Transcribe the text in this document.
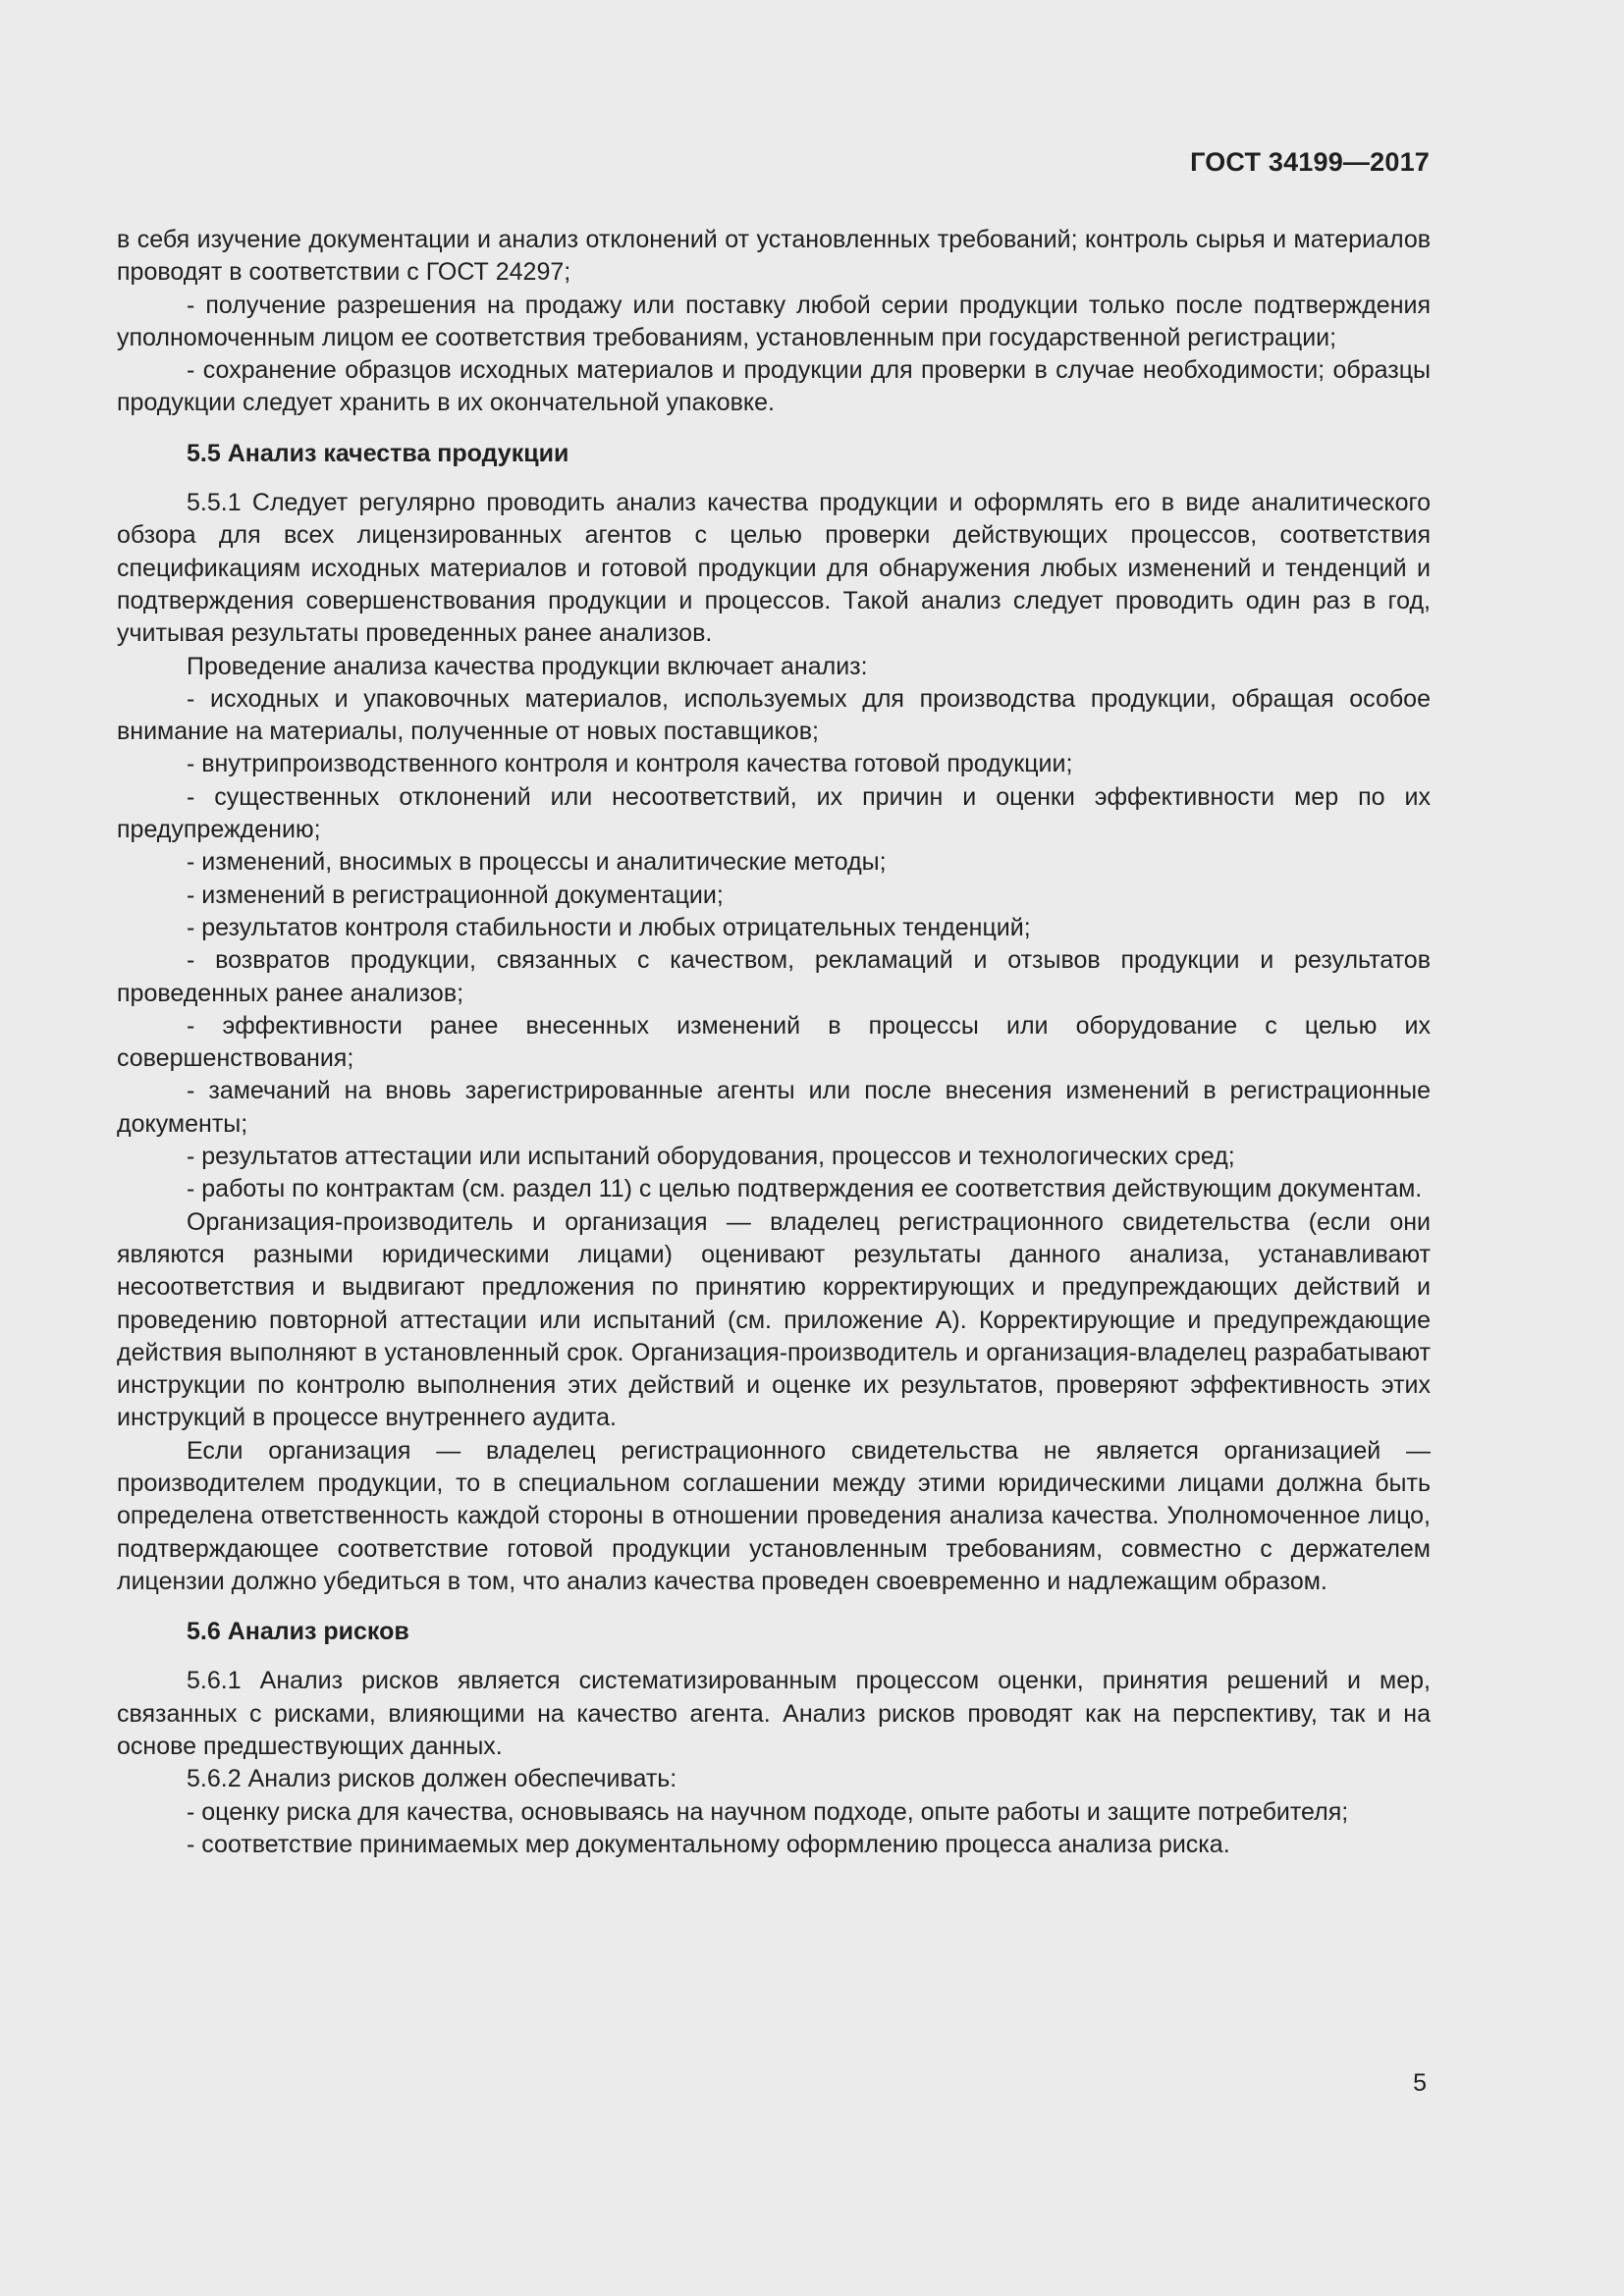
ГОСТ 34199—2017

в себя изучение документации и анализ отклонений от установленных требований; контроль сырья и материалов проводят в соответствии с ГОСТ 24297;

- получение разрешения на продажу или поставку любой серии продукции только после подтверждения уполномоченным лицом ее соответствия требованиям, установленным при государственной регистрации;

- сохранение образцов исходных материалов и продукции для проверки в случае необходимости; образцы продукции следует хранить в их окончательной упаковке.

5.5 Анализ качества продукции

5.5.1 Следует регулярно проводить анализ качества продукции и оформлять его в виде аналитического обзора для всех лицензированных агентов с целью проверки действующих процессов, соответствия спецификациям исходных материалов и готовой продукции для обнаружения любых изменений и тенденций и подтверждения совершенствования продукции и процессов. Такой анализ следует проводить один раз в год, учитывая результаты проведенных ранее анализов.

Проведение анализа качества продукции включает анализ:

- исходных и упаковочных материалов, используемых для производства продукции, обращая особое внимание на материалы, полученные от новых поставщиков;

- внутрипроизводственного контроля и контроля качества готовой продукции;

- существенных отклонений или несоответствий, их причин и оценки эффективности мер по их предупреждению;

- изменений, вносимых в процессы и аналитические методы;

- изменений в регистрационной документации;

- результатов контроля стабильности и любых отрицательных тенденций;

- возвратов продукции, связанных с качеством, рекламаций и отзывов продукции и результатов проведенных ранее анализов;

- эффективности ранее внесенных изменений в процессы или оборудование с целью их совершенствования;

- замечаний на вновь зарегистрированные агенты или после внесения изменений в регистрационные документы;

- результатов аттестации или испытаний оборудования, процессов и технологических сред;

- работы по контрактам (см. раздел 11) с целью подтверждения ее соответствия действующим документам.

Организация-производитель и организация — владелец регистрационного свидетельства (если они являются разными юридическими лицами) оценивают результаты данного анализа, устанавливают несоответствия и выдвигают предложения по принятию корректирующих и предупреждающих действий и проведению повторной аттестации или испытаний (см. приложение А). Корректирующие и предупреждающие действия выполняют в установленный срок. Организация-производитель и организация-владелец разрабатывают инструкции по контролю выполнения этих действий и оценке их результатов, проверяют эффективность этих инструкций в процессе внутреннего аудита.

Если организация — владелец регистрационного свидетельства не является организацией — производителем продукции, то в специальном соглашении между этими юридическими лицами должна быть определена ответственность каждой стороны в отношении проведения анализа качества. Уполномоченное лицо, подтверждающее соответствие готовой продукции установленным требованиям, совместно с держателем лицензии должно убедиться в том, что анализ качества проведен своевременно и надлежащим образом.

5.6 Анализ рисков

5.6.1 Анализ рисков является систематизированным процессом оценки, принятия решений и мер, связанных с рисками, влияющими на качество агента. Анализ рисков проводят как на перспективу, так и на основе предшествующих данных.

5.6.2 Анализ рисков должен обеспечивать:

- оценку риска для качества, основываясь на научном подходе, опыте работы и защите потребителя;

- соответствие принимаемых мер документальному оформлению процесса анализа риска.

5
